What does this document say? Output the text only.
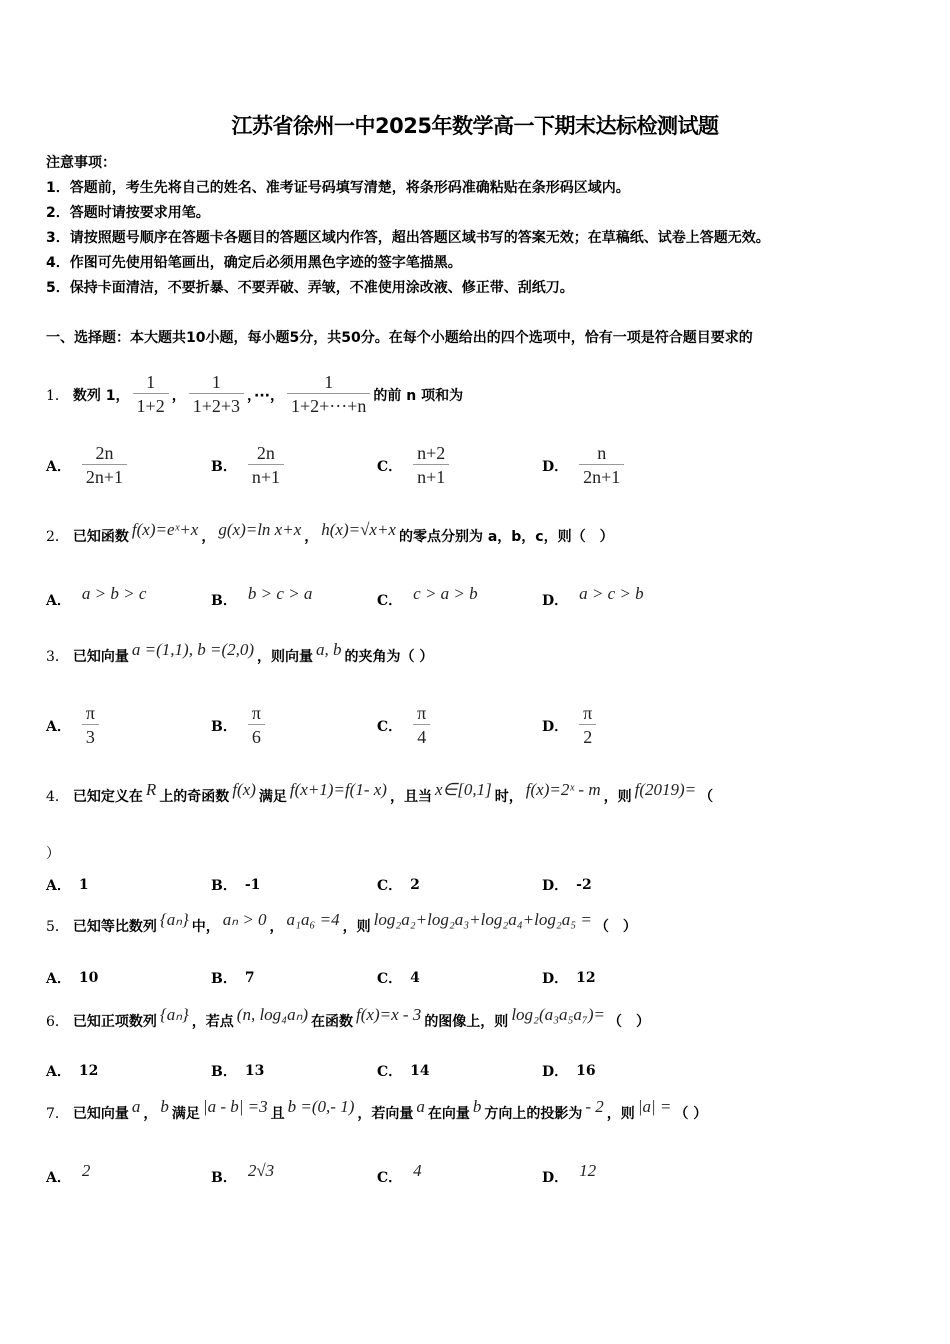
江苏省徐州一中2025年数学高一下期末达标检测试题
注意事项：
1．答题前，考生先将自己的姓名、准考证号码填写清楚，将条形码准确粘贴在条形码区域内。
2．答题时请按要求用笔。
3．请按照题号顺序在答题卡各题目的答题区域内作答，超出答题区域书写的答案无效；在草稿纸、试卷上答题无效。
4．作图可先使用铅笔画出，确定后必须用黑色字迹的签字笔描黑。
5．保持卡面清洁，不要折暴、不要弄破、弄皱，不准使用涂改液、修正带、刮纸刀。
一、选择题：本大题共10小题，每小题5分，共50分。在每个小题给出的四个选项中，恰有一项是符合题目要求的
1． 数列 1， $\frac{1}{1+2}$ ， $\frac{1}{1+2+3}$ ，···， $\frac{1}{1+2+\cdot\cdot\cdot+n}$ 的前 n 项和为
A． $\frac{2n}{2n+1}$	B． $\frac{2n}{n+1}$	C． $\frac{n+2}{n+1}$	D． $\frac{n}{2n+1}$
2． 已知函数 f(x)=eˣ+x ， g(x)=ln x+x ， h(x)=√x+x 的零点分别为 a，b，c，则（　）
A． a > b > c	B． b > c > a	C． c > a > b	D． a > c > b
3． 已知向量 a =(1,1), b =(2,0) ，则向量 a, b 的夹角为（ ）
A． $\frac{\pi}{3}$	B． $\frac{\pi}{6}$	C． $\frac{\pi}{4}$	D． $\frac{\pi}{2}$
4． 已知定义在 R 上的奇函数 f(x) 满足 f(x+1)=f(1- x) ，且当 x∈[0,1] 时， f(x)=2ˣ - m ，则 f(2019)= （
）
A． 1	B． -1	C． 2	D． -2
5． 已知等比数列 {aₙ} 中， aₙ > 0 ， a₁a₆ =4 ，则 log₂a₂+log₂a₃+log₂a₄+log₂a₅ = （　）
A． 10	B． 7	C． 4	D． 12
6． 已知正项数列 {aₙ} ，若点 (n, log₄aₙ) 在函数 f(x)=x - 3 的图像上，则 log₂(a₃a₅a₇)= （　）
A． 12	B． 13	C． 14	D． 16
7． 已知向量 a ， b 满足 |a - b| =3 且 b =(0,- 1) ，若向量 a 在向量 b 方向上的投影为 - 2 ，则 |a| = （ ）
A． 2	B． 2√3	C． 4	D． 12
